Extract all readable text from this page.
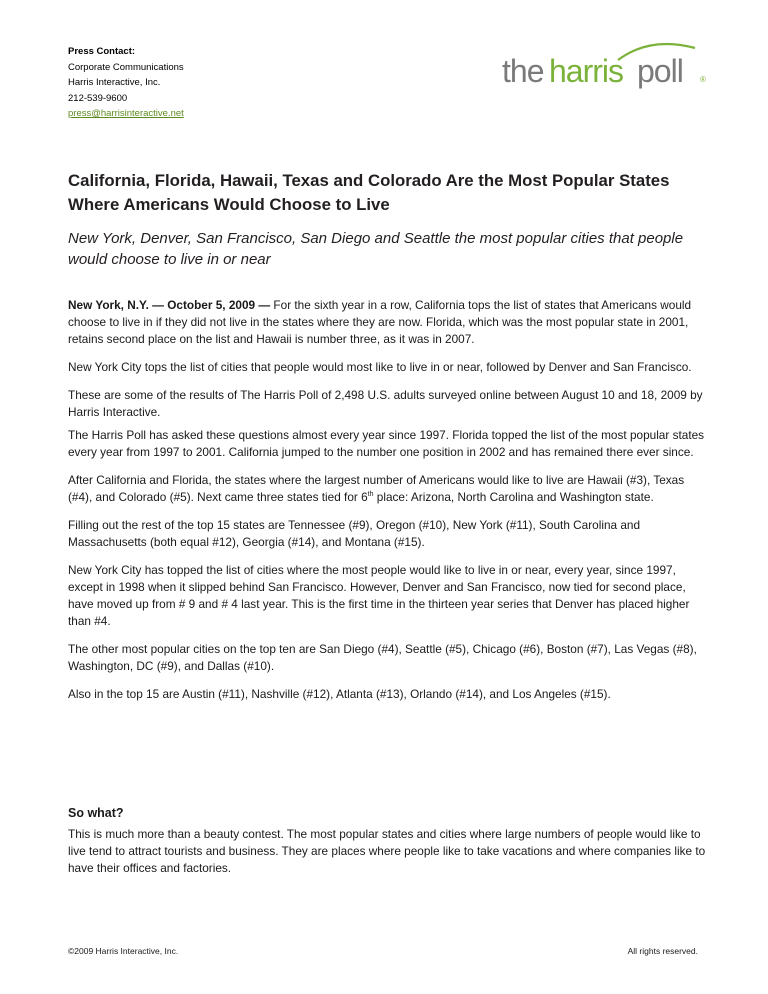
Press Contact:
Corporate Communications
Harris Interactive, Inc.
212-539-9600
press@harrisinteractive.net
the harris poll ®
California, Florida, Hawaii, Texas and Colorado Are the Most Popular States Where Americans Would Choose to Live
New York, Denver, San Francisco, San Diego and Seattle the most popular cities that people would choose to live in or near

New York, N.Y. — October 5, 2009 — For the sixth year in a row, California tops the list of states that Americans would choose to live in if they did not live in the states where they are now. Florida, which was the most popular state in 2001, retains second place on the list and Hawaii is number three, as it was in 2007.

New York City tops the list of cities that people would most like to live in or near, followed by Denver and San Francisco.

These are some of the results of The Harris Poll of 2,498 U.S. adults surveyed online between August 10 and 18, 2009 by Harris Interactive.

The Harris Poll has asked these questions almost every year since 1997. Florida topped the list of the most popular states every year from 1997 to 2001. California jumped to the number one position in 2002 and has remained there ever since.

After California and Florida, the states where the largest number of Americans would like to live are Hawaii (#3), Texas (#4), and Colorado (#5). Next came three states tied for 6th place: Arizona, North Carolina and Washington state.

Filling out the rest of the top 15 states are Tennessee (#9), Oregon (#10), New York (#11), South Carolina and Massachusetts (both equal #12), Georgia (#14), and Montana (#15).

New York City has topped the list of cities where the most people would like to live in or near, every year, since 1997, except in 1998 when it slipped behind San Francisco. However, Denver and San Francisco, now tied for second place, have moved up from # 9 and # 4 last year. This is the first time in the thirteen year series that Denver has placed higher than #4.

The other most popular cities on the top ten are San Diego (#4), Seattle (#5), Chicago (#6), Boston (#7), Las Vegas (#8), Washington, DC (#9), and Dallas (#10).

Also in the top 15 are Austin (#11), Nashville (#12), Atlanta (#13), Orlando (#14), and Los Angeles (#15).

So what?
This is much more than a beauty contest. The most popular states and cities where large numbers of people would like to live tend to attract tourists and business. They are places where people like to take vacations and where companies like to have their offices and factories.
©2009 Harris Interactive, Inc.	All rights reserved.
